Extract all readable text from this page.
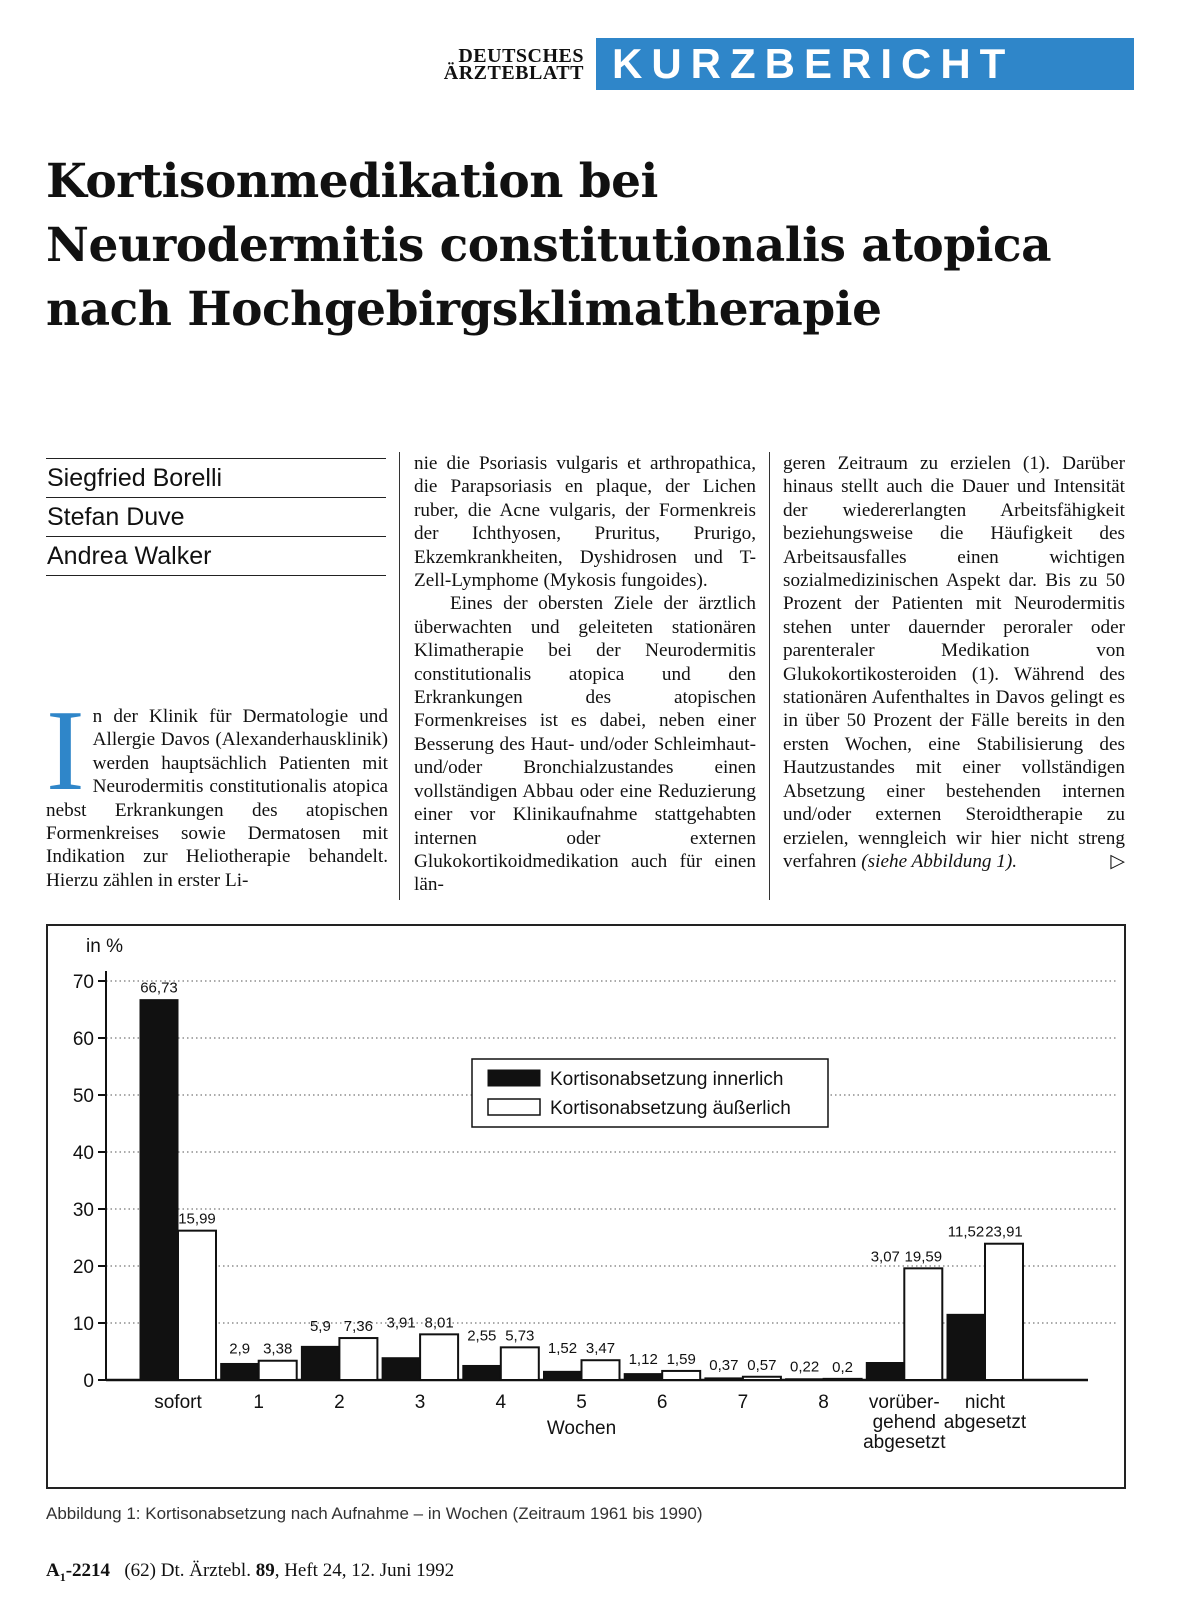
DEUTSCHES
ÄRZTEBLATT KURZBERICHT
Kortisonmedikation bei
Neurodermitis constitutionalis atopica
nach Hochgebirgsklimatherapie
Siegfried Borelli
Stefan Duve
Andrea Walker

In der Klinik für Dermatologie und Allergie Davos (Alexanderhausklinik) werden hauptsächlich Patienten mit Neurodermitis constitutionalis atopica nebst Erkrankungen des atopischen Formenkreises sowie Dermatosen mit Indikation zur Heliotherapie behandelt. Hierzu zählen in erster Li-

nie die Psoriasis vulgaris et arthropathica, die Parapsoriasis en plaque, der Lichen ruber, die Acne vulgaris, der Formenkreis der Ichthyosen, Pruritus, Prurigo, Ekzemkrankheiten, Dyshidrosen und T-Zell-Lymphome (Mykosis fungoides).

Eines der obersten Ziele der ärztlich überwachten und geleiteten stationären Klimatherapie bei der Neurodermitis constitutionalis atopica und den Erkrankungen des atopischen Formenkreises ist es dabei, neben einer Besserung des Haut- und/oder Schleimhaut- und/oder Bronchialzustandes einen vollständigen Abbau oder eine Reduzierung einer vor Klinikaufnahme stattgehabten internen oder externen Glukokortikoidmedikation auch für einen län-

geren Zeitraum zu erzielen (1). Darüber hinaus stellt auch die Dauer und Intensität der wiedererlangten Arbeitsfähigkeit beziehungsweise die Häufigkeit des Arbeitsausfalles einen wichtigen sozialmedizinischen Aspekt dar. Bis zu 50 Prozent der Patienten mit Neurodermitis stehen unter dauernder peroraler oder parenteraler Medikation von Glukokortikosteroiden (1). Während des stationären Aufenthaltes in Davos gelingt es in über 50 Prozent der Fälle bereits in den ersten Wochen, eine Stabilisierung des Hautzustandes mit einer vollständigen Absetzung einer bestehenden internen und/oder externen Steroidtherapie zu erzielen, wenngleich wir hier nicht streng verfahren (siehe Abbildung 1).	▷

in %
0
10
20
30
40
50
60
70	66,73
15,99
sofort
2,9 3,38
1
5,9 7,36
2
3,91 8,01
3
2,55 5,73
4
1,52 3,47
5
1,12 1,59
6
0,37 0,57
7
0,22 0,2
8
3,07 19,59
vorüber-gehend abgesetzt
11,52 23,91
nicht abgesetzt
Wochen
Kortisonabsetzung innerlich
Kortisonabsetzung äußerlich
Abbildung 1: Kortisonabsetzung nach Aufnahme – in Wochen (Zeitraum 1961 bis 1990)
$A_1-2214$ (62) Dt. Ärztebl. 89, Heft 24, 12. Juni 1992
